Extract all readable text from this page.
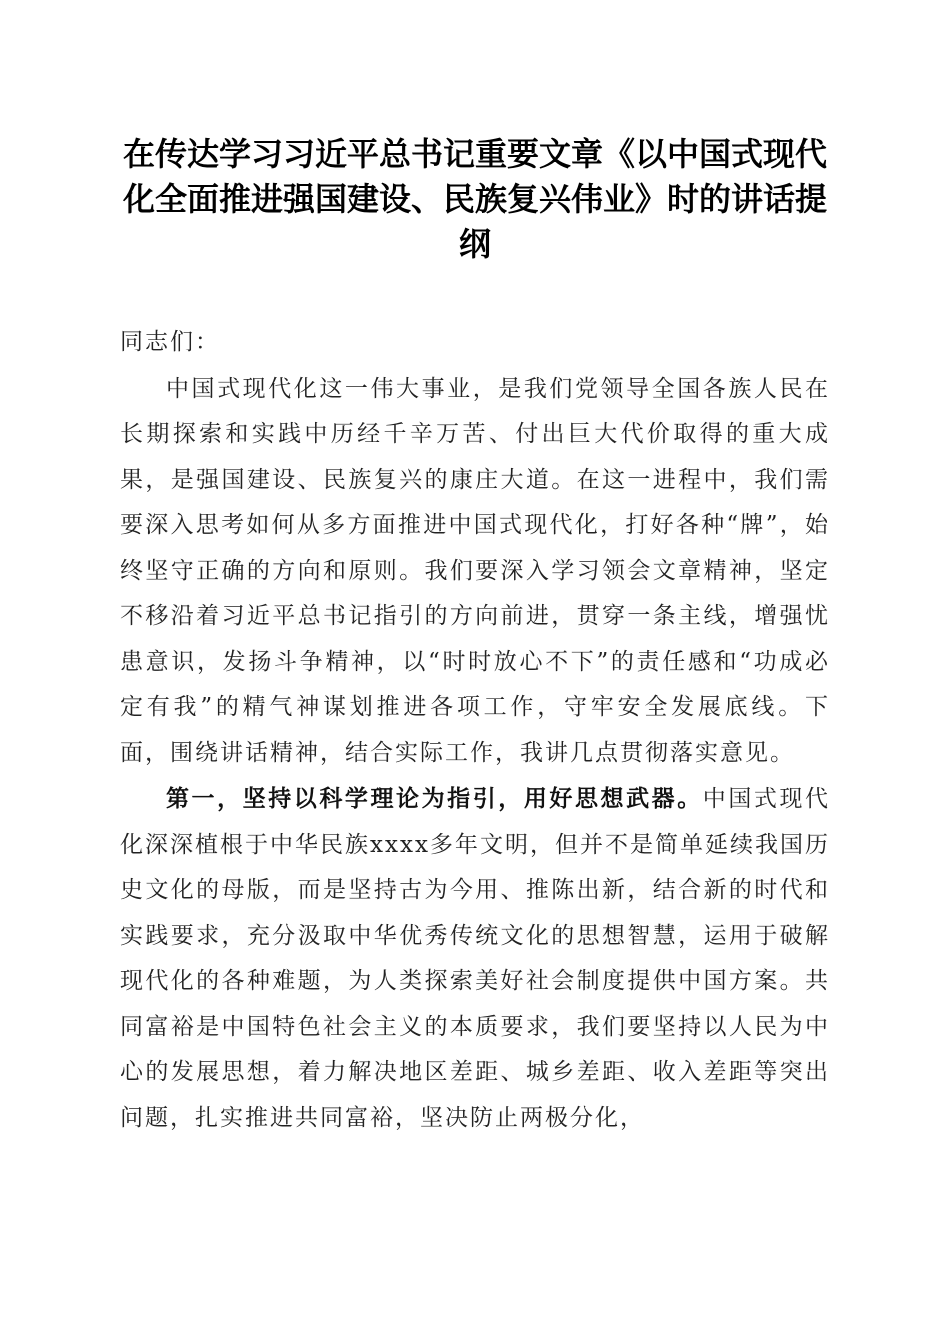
在传达学习习近平总书记重要文章《以中国式现代化全面推进强国建设、民族复兴伟业》时的讲话提纲

同志们：

中国式现代化这一伟大事业，是我们党领导全国各族人民在长期探索和实践中历经千辛万苦、付出巨大代价取得的重大成果，是强国建设、民族复兴的康庄大道。在这一进程中，我们需要深入思考如何从多方面推进中国式现代化，打好各种“牌”，始终坚守正确的方向和原则。我们要深入学习领会文章精神，坚定不移沿着习近平总书记指引的方向前进，贯穿一条主线，增强忧患意识，发扬斗争精神，以“时时放心不下”的责任感和“功成必定有我”的精气神谋划推进各项工作，守牢安全发展底线。下面，围绕讲话精神，结合实际工作，我讲几点贯彻落实意见。

第一，坚持以科学理论为指引，用好思想武器。中国式现代化深深植根于中华民族xxxx多年文明，但并不是简单延续我国历史文化的母版，而是坚持古为今用、推陈出新，结合新的时代和实践要求，充分汲取中华优秀传统文化的思想智慧，运用于破解现代化的各种难题，为人类探索美好社会制度提供中国方案。共同富裕是中国特色社会主义的本质要求，我们要坚持以人民为中心的发展思想，着力解决地区差距、城乡差距、收入差距等突出问题，扎实推进共同富裕，坚决防止两极分化，
